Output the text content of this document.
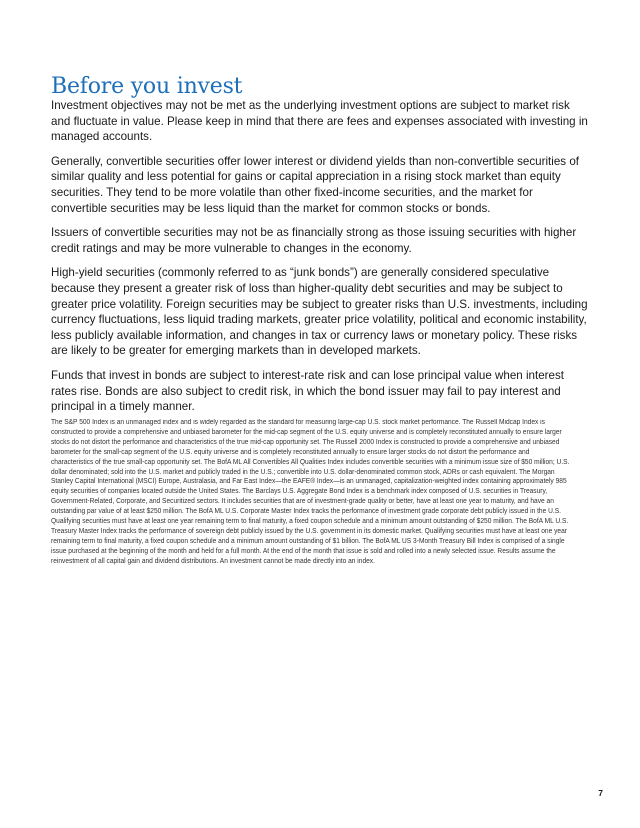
Before you invest

Investment objectives may not be met as the underlying investment options are subject to market risk and fluctuate in value. Please keep in mind that there are fees and expenses associated with investing in managed accounts.

Generally, convertible securities offer lower interest or dividend yields than non-convertible securities of similar quality and less potential for gains or capital appreciation in a rising stock market than equity securities. They tend to be more volatile than other fixed-income securities, and the market for convertible securities may be less liquid than the market for common stocks or bonds.

Issuers of convertible securities may not be as financially strong as those issuing securities with higher credit ratings and may be more vulnerable to changes in the economy.

High-yield securities (commonly referred to as “junk bonds”) are generally considered speculative because they present a greater risk of loss than higher-quality debt securities and may be subject to greater price volatility. Foreign securities may be subject to greater risks than U.S. investments, including currency fluctuations, less liquid trading markets, greater price volatility, political and economic instability, less publicly available information, and changes in tax or currency laws or monetary policy. These risks are likely to be greater for emerging markets than in developed markets.

Funds that invest in bonds are subject to interest-rate risk and can lose principal value when interest rates rise. Bonds are also subject to credit risk, in which the bond issuer may fail to pay interest and principal in a timely manner.

The S&P 500 Index is an unmanaged index and is widely regarded as the standard for measuring large-cap U.S. stock market performance. The Russell Midcap Index is constructed to provide a comprehensive and unbiased barometer for the mid-cap segment of the U.S. equity universe and is completely reconstituted annually to ensure larger stocks do not distort the performance and characteristics of the true mid-cap opportunity set. The Russell 2000 Index is constructed to provide a comprehensive and unbiased barometer for the small-cap segment of the U.S. equity universe and is completely reconstituted annually to ensure larger stocks do not distort the performance and characteristics of the true small-cap opportunity set. The BofA ML All Convertibles All Qualities Index includes convertible securities with a minimum issue size of $50 million; U.S. dollar denominated; sold into the U.S. market and publicly traded in the U.S.; convertible into U.S. dollar-denominated common stock, ADRs or cash equivalent. The Morgan Stanley Capital International (MSCI) Europe, Australasia, and Far East Index—the EAFE® Index—is an unmanaged, capitalization-weighted index containing approximately 985 equity securities of companies located outside the United States. The Barclays U.S. Aggregate Bond Index is a benchmark index composed of U.S. securities in Treasury, Government-Related, Corporate, and Securitized sectors. It includes securities that are of investment-grade quality or better, have at least one year to maturity, and have an outstanding par value of at least $250 million. The BofA ML U.S. Corporate Master Index tracks the performance of investment grade corporate debt publicly issued in the U.S. Qualifying securities must have at least one year remaining term to final maturity, a fixed coupon schedule and a minimum amount outstanding of $250 million. The BofA ML U.S. Treasury Master Index tracks the performance of sovereign debt publicly issued by the U.S. government in its domestic market. Qualifying securities must have at least one year remaining term to final maturity, a fixed coupon schedule and a minimum amount outstanding of $1 billion. The BofA ML US 3-Month Treasury Bill Index is comprised of a single issue purchased at the beginning of the month and held for a full month. At the end of the month that issue is sold and rolled into a newly selected issue. Results assume the reinvestment of all capital gain and dividend distributions. An investment cannot be made directly into an index.

7
